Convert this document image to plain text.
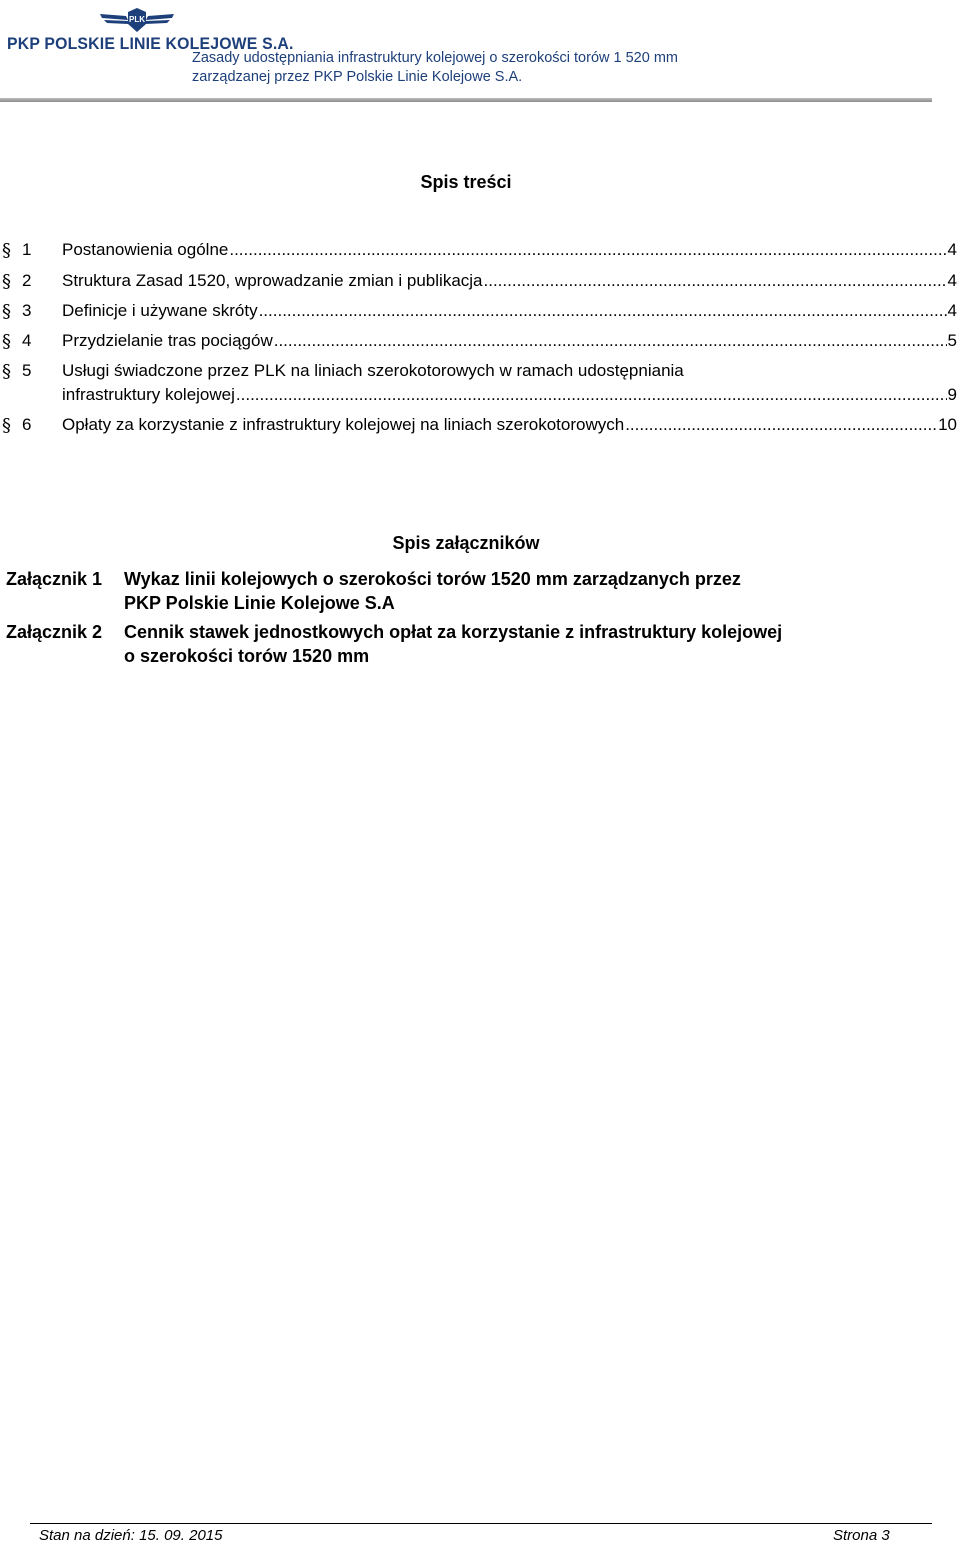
PLK
PKP POLSKIE LINIE KOLEJOWE S.A.
Zasady udostępniania infrastruktury kolejowej o szerokości torów 1 520 mm
zarządzanej przez PKP Polskie Linie Kolejowe S.A.
Spis treści
§ 1 Postanowienia ogólne .....	4
§ 2 Struktura Zasad 1520, wprowadzanie zmian i publikacja .....	4
§ 3 Definicje i używane skróty .....	4
§ 4 Przydzielanie tras pociągów .....	5
§ 5 Usługi świadczone przez PLK na liniach szerokotorowych w ramach udostępniania
infrastruktury kolejowej .....	9
§ 6 Opłaty za korzystanie z infrastruktury kolejowej na liniach szerokotorowych .....	10
Spis załączników
Załącznik 1 Wykaz linii kolejowych o szerokości torów 1520 mm zarządzanych przez
PKP Polskie Linie Kolejowe S.A
Załącznik 2 Cennik stawek jednostkowych opłat za korzystanie z infrastruktury kolejowej
o szerokości torów 1520 mm
Stan na dzień: 15. 09. 2015	Strona 3
